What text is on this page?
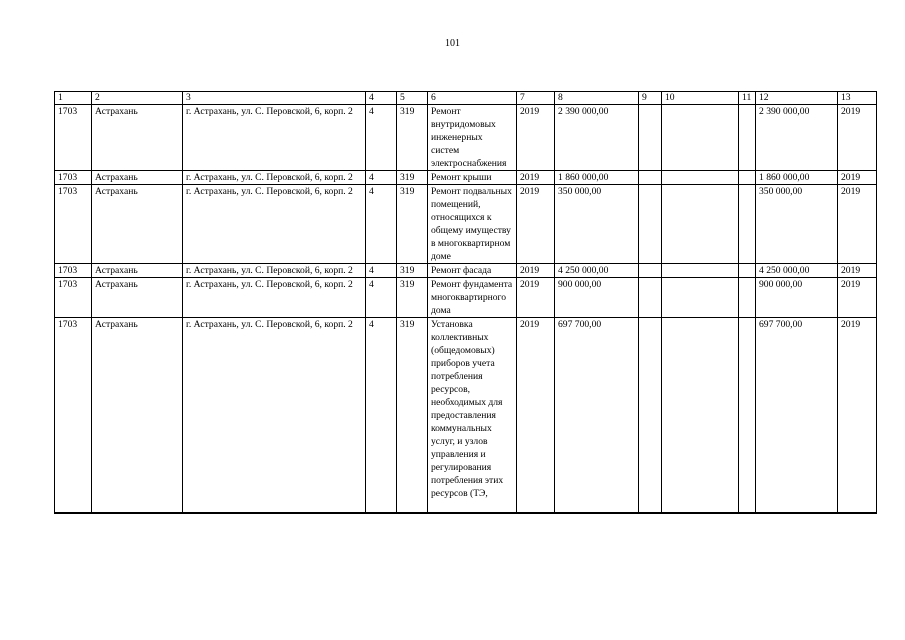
101
1	2	3	4	5	6	7	8	9	10	11	12	13
1703	Астрахань	г. Астрахань, ул. С. Перовской, 6, корп. 2	4	319	Ремонт внутридомовых инженерных систем электроснабжения	2019	2 390 000,00				2 390 000,00	2019
1703	Астрахань	г. Астрахань, ул. С. Перовской, 6, корп. 2	4	319	Ремонт крыши	2019	1 860 000,00				1 860 000,00	2019
1703	Астрахань	г. Астрахань, ул. С. Перовской, 6, корп. 2	4	319	Ремонт подвальных помещений, относящихся к общему имуществу в многоквартирном доме	2019	350 000,00				350 000,00	2019
1703	Астрахань	г. Астрахань, ул. С. Перовской, 6, корп. 2	4	319	Ремонт фасада	2019	4 250 000,00				4 250 000,00	2019
1703	Астрахань	г. Астрахань, ул. С. Перовской, 6, корп. 2	4	319	Ремонт фундамента многоквартирного дома	2019	900 000,00				900 000,00	2019
1703	Астрахань	г. Астрахань, ул. С. Перовской, 6, корп. 2	4	319	Установка коллективных (общедомовых) приборов учета потребления ресурсов, необходимых для предоставления коммунальных услуг, и узлов управления и регулирования потребления этих ресурсов (ТЭ,	2019	697 700,00				697 700,00	2019
